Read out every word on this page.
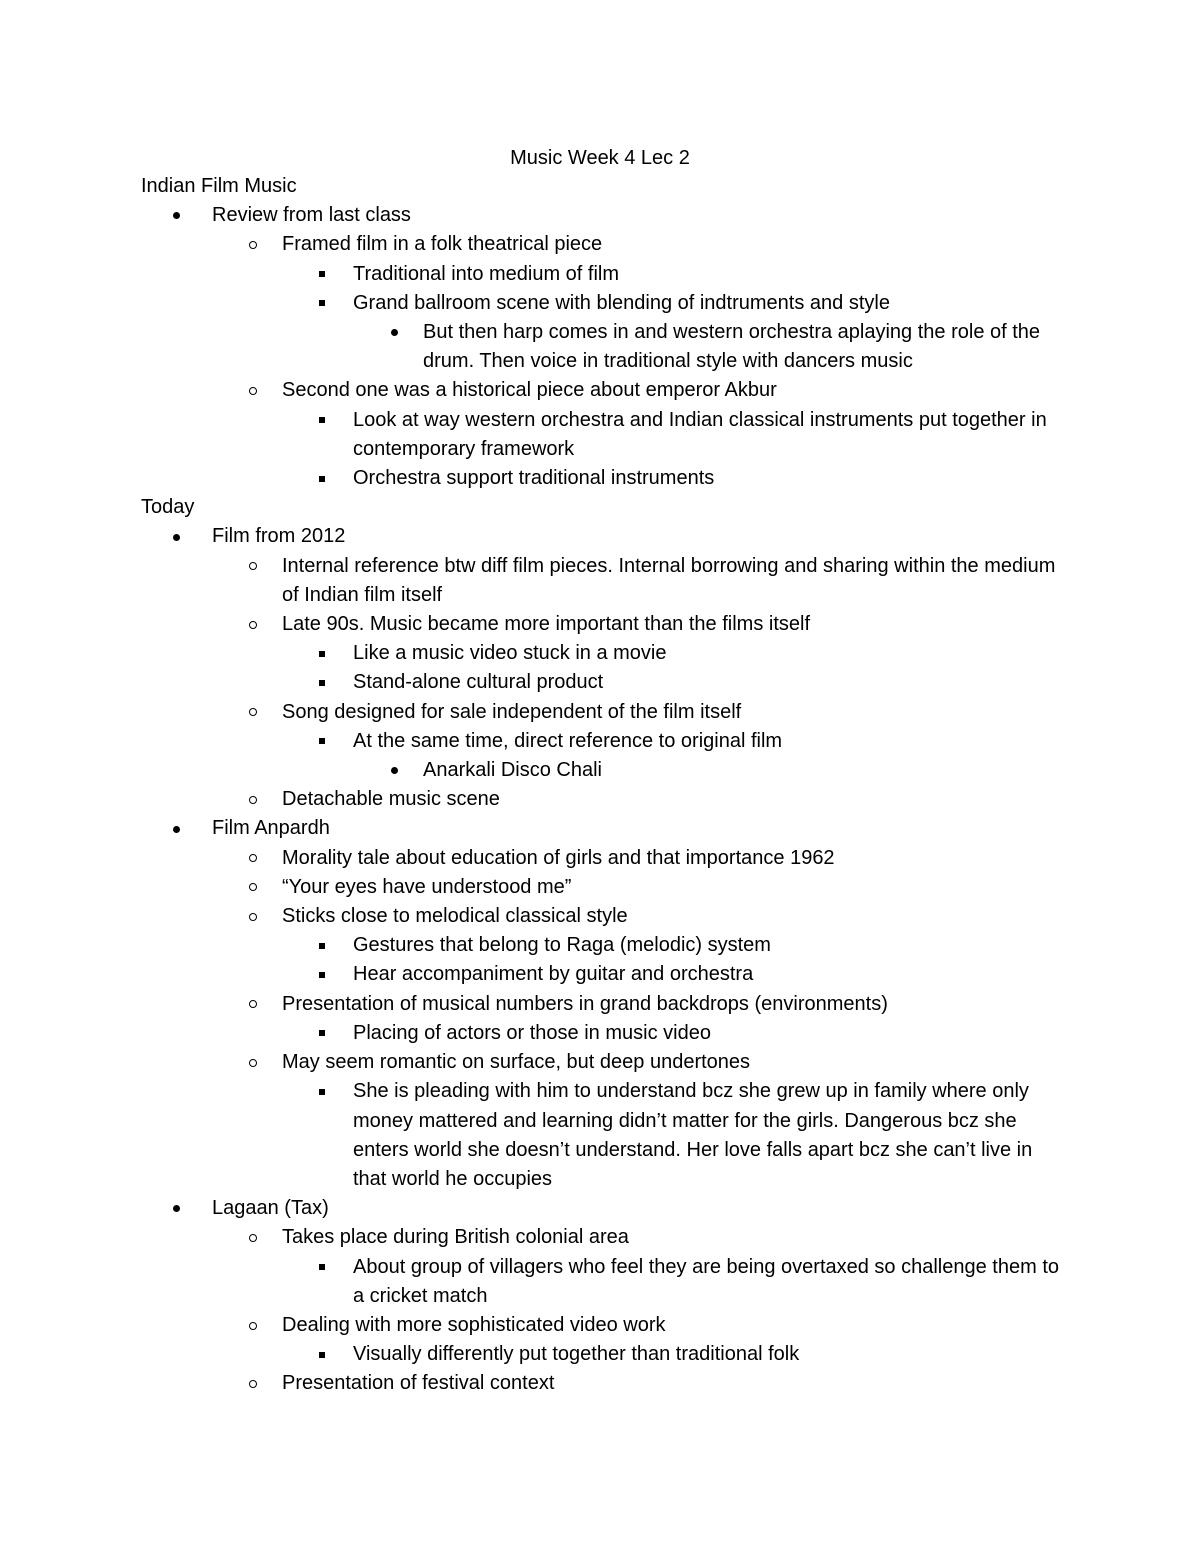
Music Week 4 Lec 2
Indian Film Music
Review from last class
Framed film in a folk theatrical piece
Traditional into medium of film
Grand ballroom scene with blending of indtruments and style
But then harp comes in and western orchestra aplaying the role of the drum. Then voice in traditional style with dancers music
Second one was a historical piece about emperor Akbur
Look at way western orchestra and Indian classical instruments put together in contemporary framework
Orchestra support traditional instruments
Today
Film from 2012
Internal reference btw diff film pieces. Internal borrowing and sharing within the medium of Indian film itself
Late 90s. Music became more important than the films itself
Like a music video stuck in a movie
Stand-alone cultural product
Song designed for sale independent of the film itself
At the same time, direct reference to original film
Anarkali Disco Chali
Detachable music scene
Film Anpardh
Morality tale about education of girls and that importance 1962
“Your eyes have understood me”
Sticks close to melodical classical style
Gestures that belong to Raga (melodic) system
Hear accompaniment by guitar and orchestra
Presentation of musical numbers in grand backdrops (environments)
Placing of actors or those in music video
May seem romantic on surface, but deep undertones
She is pleading with him to understand bcz she grew up in family where only money mattered and learning didn’t matter for the girls. Dangerous bcz she enters world she doesn’t understand. Her love falls apart bcz she can’t live in that world he occupies
Lagaan (Tax)
Takes place during British colonial area
About group of villagers who feel they are being overtaxed so challenge them to a cricket match
Dealing with more sophisticated video work
Visually differently put together than traditional folk
Presentation of festival context
